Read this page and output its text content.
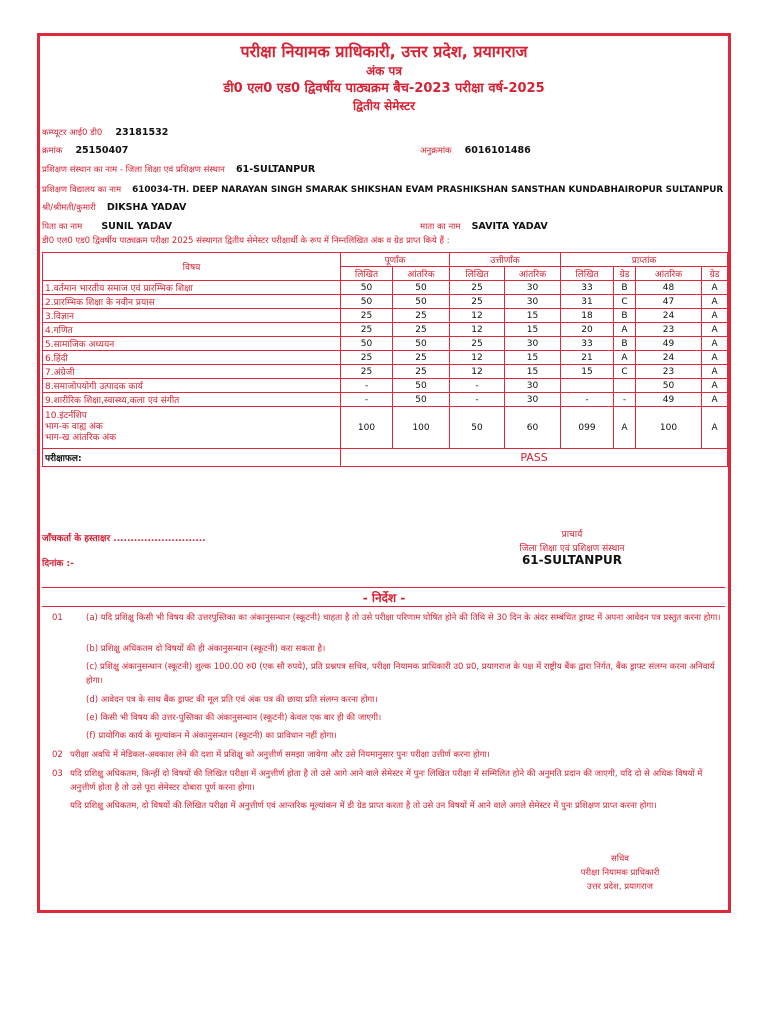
परीक्षा नियामक प्राधिकारी, उत्तर प्रदेश, प्रयागराज
अंक पत्र
डी0 एल0 एड0 द्विवर्षीय पाठ्यक्रम बैच-2023 परीक्षा वर्ष-2025
द्वितीय सेमेस्टर
कम्प्यूटर आई0 डी0 23181532
क्रमांक 25150407	अनुक्रमांक 6016101486
प्रशिक्षण संस्थान का नाम - जिला शिक्षा एवं प्रशिक्षण संस्थान 61-SULTANPUR
प्रशिक्षण विद्यालय का नाम 610034-TH. DEEP NARAYAN SINGH SMARAK SHIKSHAN EVAM PRASHIKSHAN SANSTHAN KUNDABHAIROPUR SULTANPUR
श्री/श्रीमती/कुमारी DIKSHA YADAV
पिता का नाम SUNIL YADAV	माता का नाम SAVITA YADAV
डी0 एल0 एड0 द्विवर्षीय पाठ्यक्रम परीक्षा 2025 संस्थागत द्वितीय सेमेस्टर परीक्षार्थी के रूप में निम्नलिखित अंक व ग्रेड प्राप्त किये हैं :
विषय	पूर्णांक		उत्तीर्णांक		प्राप्तांक			
	लिखित	आंतरिक	लिखित	आंतरिक	लिखित	ग्रेड	आंतरिक	ग्रेड
1.वर्तमान भारतीय समाज एवं प्रारम्भिक शिक्षा	50	50	25	30	33	B	48	A
2.प्रारम्भिक शिक्षा के नवीन प्रयास	50	50	25	30	31	C	47	A
3.विज्ञान	25	25	12	15	18	B	24	A
4.गणित	25	25	12	15	20	A	23	A
5.सामाजिक अध्ययन	50	50	25	30	33	B	49	A
6.हिंदी	25	25	12	15	21	A	24	A
7.अंग्रेजी	25	25	12	15	15	C	23	A
8.समाजोपयोगी उत्पादक कार्य	-	50	-	30			50	A
9.शारीरिक शिक्षा,स्वास्थ्य,कला एवं संगीत	-	50	-	30	-	-	49	A

10.इंटर्नशिप
भाग-क वाह्य अंक
भाग-ख आंतरिक अंक	100	100	50	60	099	A	100	A
परीक्षाफल:	PASS							
जाँचकर्ता के हस्ताक्षर ...........................
दिनांक :-
प्राचार्य
जिला शिक्षा एवं प्रशिक्षण संस्थान
61-SULTANPUR
- निर्देश -
01	(a) यदि प्रशिक्षु किसी भी विषय की उत्तरपुस्तिका का अंकानुसन्धान (स्कूटनी) चाहता है तो उसे परीक्षा परिणाम घोषित होने की तिथि से 30 दिन के अंदर सम्बंधित ड्राफ्ट में अपना आवेदन पत्र प्रस्तुत करना होगा।
(b) प्रशिक्षु अधिकतम दो विषयों की ही अंकानुसन्धान (स्कूटनी) करा सकता है।
(c) प्रशिक्षु अंकानुसन्धान (स्कूटनी) शुल्क 100.00 रु0 (एक सौ रुपये), प्रति प्रश्नपत्र सचिव, परीक्षा नियामक प्राधिकारी उ0 प्र0, प्रयागराज के पक्ष में राष्ट्रीय बैंक द्वारा निर्गत, बैंक ड्राफ्ट संलग्न करना अनिवार्य होगा।
(d) आवेदन पत्र के साथ बैंक ड्राफ्ट की मूल प्रति एवं अंक पत्र की छाया प्रति संलग्न करना होगा।
(e) किसी भी विषय की उत्तर-पुस्तिका की अंकानुसन्धान (स्कूटनी) केवल एक बार ही की जाएगी।
(f) प्रायोगिक कार्य के मूल्यांकन में अंकानुसन्धान (स्कूटनी) का प्राविधान नहीं होगा।
02 परीक्षा अवधि में मेडिकल-अवकाश लेने की दशा में प्रशिक्षु को अनुत्तीर्ण समझा जायेगा और उसे नियमानुसार पुनः परीक्षा उत्तीर्ण करना होगा।
03 यदि प्रशिक्षु अधिकतम, किन्हीं दो विषयों की लिखित परीक्षा में अनुत्तीर्ण होता है तो उसे आगे आने वाले सेमेस्टर में पुनः लिखित परीक्षा में सम्मिलित होने की अनुमति प्रदान की जाएगी, यदि दो से अधिक विषयों में अनुत्तीर्ण होता है तो उसे पूरा सेमेस्टर दोबारा पूर्ण करना होगा।
यदि प्रशिक्षु अधिकतम, दो विषयों की लिखित परीक्षा में अनुत्तीर्ण एवं आन्तरिक मूल्यांकन में डी ग्रेड प्राप्त करता है तो उसे उन विषयों में आने वाले अगले सेमेस्टर में पुनः प्रशिक्षण प्राप्त करना होगा।
सचिव
परीक्षा नियामक प्राधिकारी
उत्तर प्रदेश, प्रयागराज
